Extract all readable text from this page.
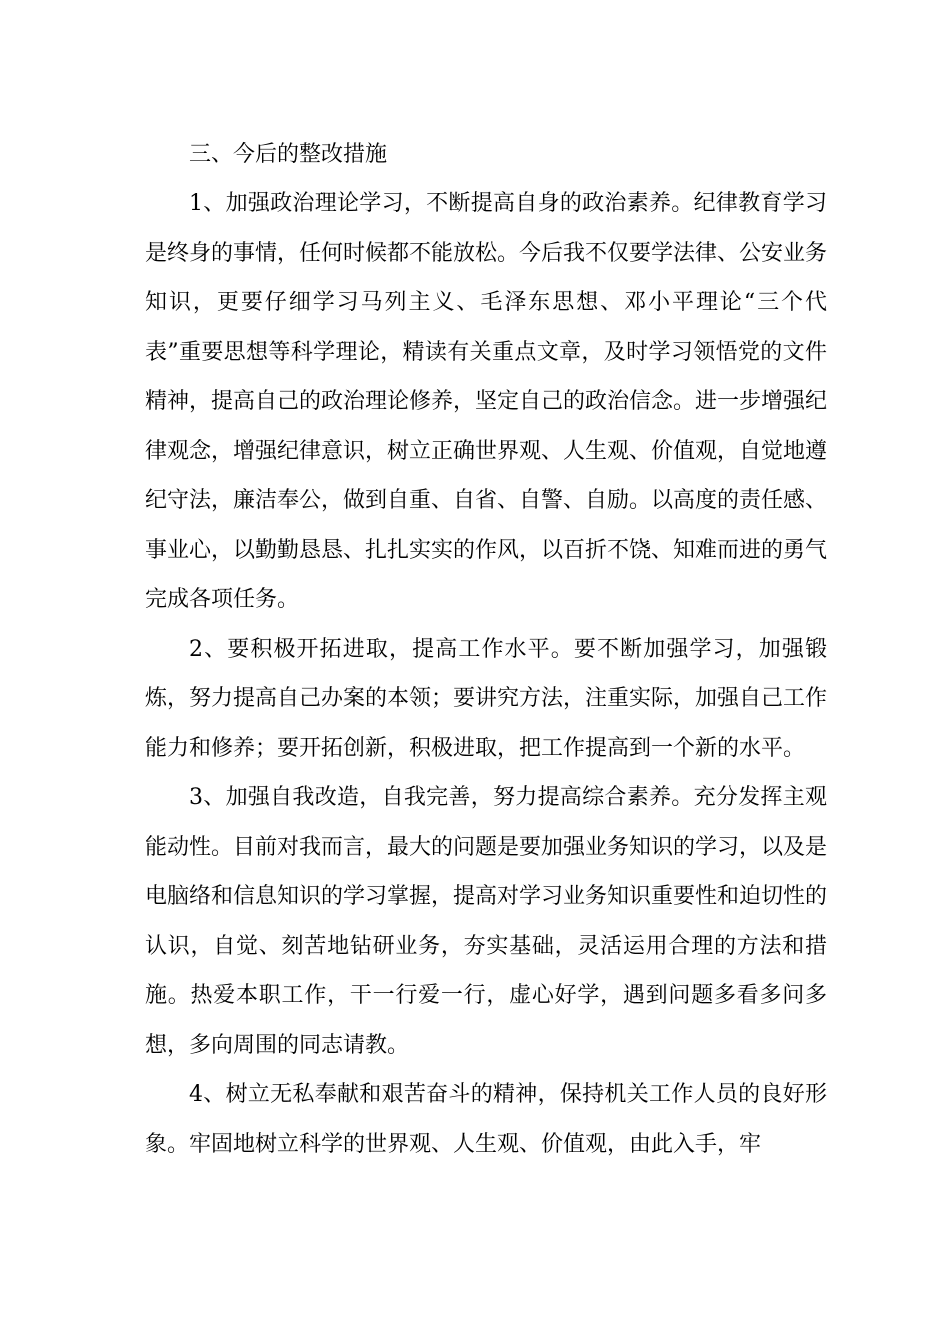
三、今后的整改措施

1、加强政治理论学习，不断提高自身的政治素养。纪律教育学习是终身的事情，任何时候都不能放松。今后我不仅要学法律、公安业务知识，更要仔细学习马列主义、毛泽东思想、邓小平理论“三个代表”重要思想等科学理论，精读有关重点文章，及时学习领悟党的文件精神，提高自己的政治理论修养，坚定自己的政治信念。进一步增强纪律观念，增强纪律意识，树立正确世界观、人生观、价值观，自觉地遵纪守法，廉洁奉公，做到自重、自省、自警、自励。以高度的责任感、事业心，以勤勤恳恳、扎扎实实的作风，以百折不饶、知难而进的勇气完成各项任务。

2、要积极开拓进取，提高工作水平。要不断加强学习，加强锻炼，努力提高自己办案的本领；要讲究方法，注重实际，加强自己工作能力和修养；要开拓创新，积极进取，把工作提高到一个新的水平。

3、加强自我改造，自我完善，努力提高综合素养。充分发挥主观能动性。目前对我而言，最大的问题是要加强业务知识的学习，以及是电脑络和信息知识的学习掌握，提高对学习业务知识重要性和迫切性的认识，自觉、刻苦地钻研业务，夯实基础，灵活运用合理的方法和措施。热爱本职工作，干一行爱一行，虚心好学，遇到问题多看多问多想，多向周围的同志请教。

4、树立无私奉献和艰苦奋斗的精神，保持机关工作人员的良好形象。牢固地树立科学的世界观、人生观、价值观，由此入手，牢
